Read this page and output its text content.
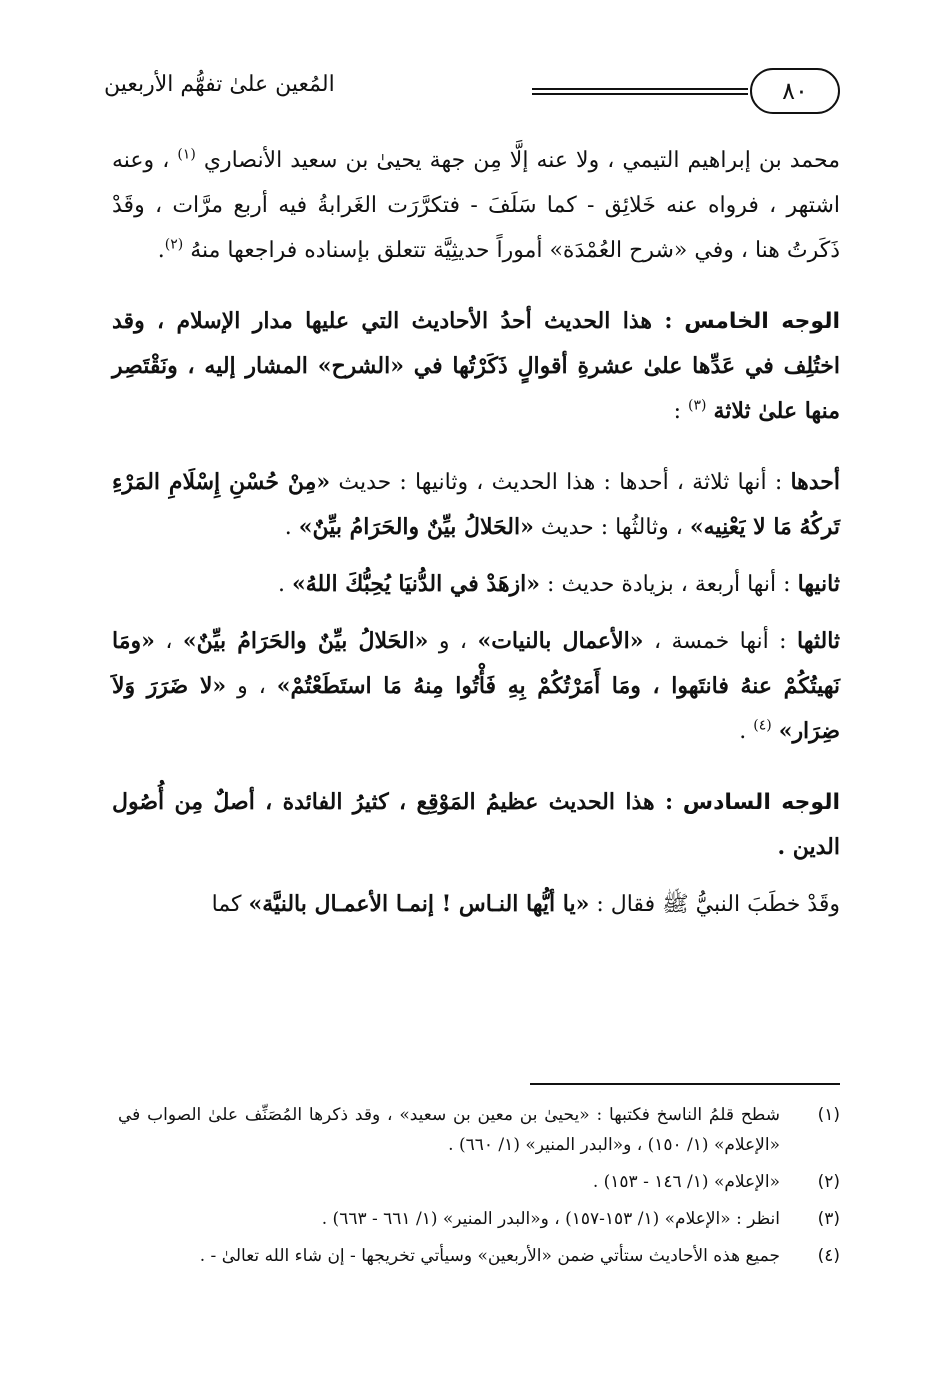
٨٠
المُعين علىٰ تفهُّم الأربعين

محمد بن إبراهيم التيمي ، ولا عنه إلَّا مِن جهة يحيىٰ بن سعيد الأنصاري $^{(١)}$ ، وعنه اشتهر ، فرواه عنه خَلائِق - كما سَلَفَ - فتكرَّرَت الغَرابةُ فيه أربع مرَّات ، وقَدْ ذَكَرتُ هنا ، وفي «شرح العُمْدَة» أموراً حديثِيَّة تتعلق بإسناده فراجعها منهُ $^{(٢)}$.

الوجه الخامس : هذا الحديث أحدُ الأحاديث التي عليها مدار الإسلام ، وقد اختُلِف في عَدِّها علىٰ عشرةِ أقوالٍ ذَكَرْتُها في «الشرح» المشار إليه ، ونَقْتَصِر منها علىٰ ثلاثة $^{(٣)}$ :

أحدها : أنها ثلاثة ، أحدها : هذا الحديث ، وثانيها : حديث «مِنْ حُسْنِ إِسْلَامِ المَرْءِ تَركُهُ مَا لا يَعْنِيه» ، وثالثُها : حديث «الحَلالُ بيِّنٌ والحَرَامُ بيِّنٌ» .

ثانيها : أنها أربعة ، بزيادة حديث : «ازهَدْ في الدُّنيَا يُحِبُّكَ اللهُ» .

ثالثها : أنها خمسة ، «الأعمال بالنيات» ، و «الحَلالُ بيِّنٌ والحَرَامُ بيِّنٌ» ، «ومَا نَهيتُكُمْ عنهُ فانتَهوا ، ومَا أَمَرْتُكُمْ بِهِ فَأْتُوا مِنهُ مَا استَطَعْتُمْ» ، و «لا ضَرَرَ وَلاَ ضِرَار» $^{(٤)}$ .

الوجه السادس : هذا الحديث عظيمُ المَوْقِع ، كثيرُ الفائدة ، أصلٌ مِن أُصُول الدين .

وقَدْ خطَبَ النبيُّ ﷺ فقال : «يا أيُّها النـاس ! إنمـا الأعمـال بالنيَّة» كما

(١)
شطح قلمُ الناسخ فكتبها : «يحيىٰ بن معين بن سعيد» ، وقد ذكرها المُصَنِّف علىٰ الصواب في «الإعلام» (١/ ١٥٠) ، و«البدر المنير» (١/ ٦٦٠) .
(٢)
«الإعلام» (١/ ١٤٦ - ١٥٣) .
(٣)
انظر : «الإعلام» (١/ ١٥٣-١٥٧) ، و«البدر المنير» (١/ ٦٦١ - ٦٦٣) .
(٤)
جميع هذه الأحاديث ستأتي ضمن «الأربعين» وسيأتي تخريجها - إن شاء الله تعالىٰ - .
